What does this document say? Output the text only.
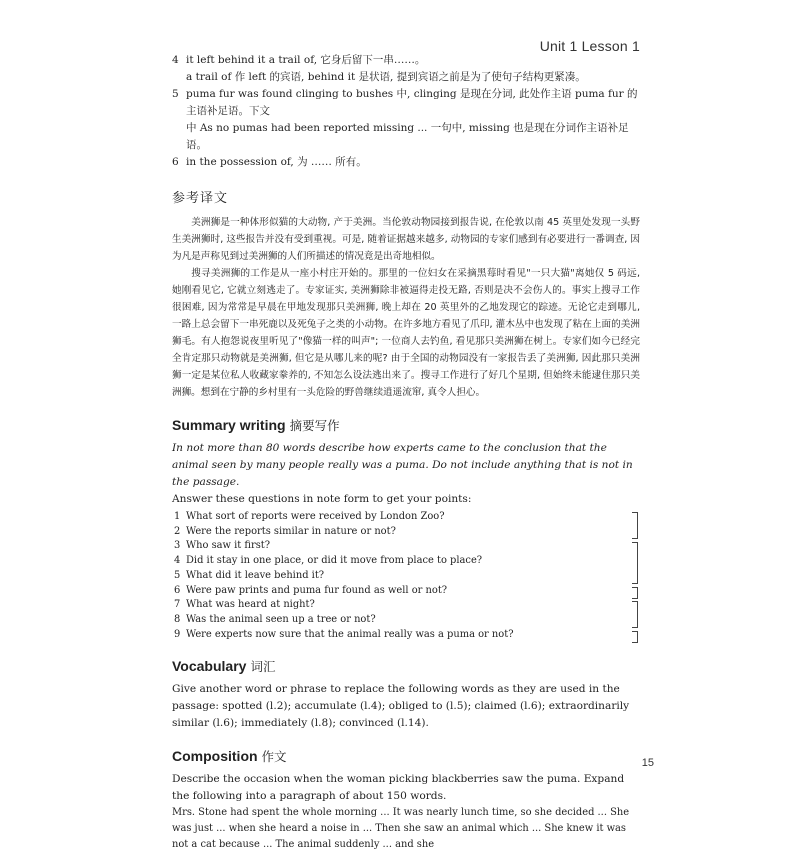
Unit 1 Lesson 1
4 it left behind it a trail of, 它身后留下一串……。
a trail of 作 left 的宾语, behind it 是状语, 提到宾语之前是为了使句子结构更紧凑。
5 puma fur was found clinging to bushes 中, clinging 是现在分词, 此处作主语 puma fur 的主语补足语。下文
中 As no pumas had been reported missing ... 一句中, missing 也是现在分词作主语补足语。
6 in the possession of, 为 …… 所有。
参考译文

美洲狮是一种体形似猫的大动物, 产于美洲。当伦敦动物园接到报告说, 在伦敦以南 45 英里处发现一头野生美洲狮时, 这些报告并没有受到重视。可是, 随着证据越来越多, 动物园的专家们感到有必要进行一番调查, 因为凡是声称见到过美洲狮的人们所描述的情况竟是出奇地相似。

搜寻美洲狮的工作是从一座小村庄开始的。那里的一位妇女在采摘黑莓时看见"一只大猫"离她仅 5 码远, 她刚看见它, 它就立刻逃走了。专家证实, 美洲狮除非被逼得走投无路, 否则是决不会伤人的。事实上搜寻工作很困难, 因为常常是早晨在甲地发现那只美洲狮, 晚上却在 20 英里外的乙地发现它的踪迹。无论它走到哪儿, 一路上总会留下一串死鹿以及死兔子之类的小动物。在许多地方看见了爪印, 灌木丛中也发现了粘在上面的美洲狮毛。有人抱怨说夜里听见了"像猫一样的叫声"; 一位商人去钓鱼, 看见那只美洲狮在树上。专家们如今已经完全肯定那只动物就是美洲狮, 但它是从哪儿来的呢? 由于全国的动物园没有一家报告丢了美洲狮, 因此那只美洲狮一定是某位私人收藏家豢养的, 不知怎么设法逃出来了。搜寻工作进行了好几个星期, 但始终未能逮住那只美洲狮。想到在宁静的乡村里有一头危险的野兽继续逍遥流窜, 真令人担心。

Summary writing 摘要写作
In not more than 80 words describe how experts came to the conclusion that the animal seen by many people really was a puma. Do not include anything that is not in the passage.
Answer these questions in note form to get your points:
1 What sort of reports were received by London Zoo?
2 Were the reports similar in nature or not?
3 Who saw it first?
4 Did it stay in one place, or did it move from place to place?
5 What did it leave behind it?
6 Were paw prints and puma fur found as well or not?
7 What was heard at night?
8 Was the animal seen up a tree or not?
9 Were experts now sure that the animal really was a puma or not?
Vocabulary 词汇
Give another word or phrase to replace the following words as they are used in the passage: spotted (l.2); accumulate (l.4); obliged to (l.5); claimed (l.6); extraordinarily similar (l.6); immediately (l.8); convinced (l.14).
Composition 作文
Describe the occasion when the woman picking blackberries saw the puma. Expand the following into a paragraph of about 150 words.
Mrs. Stone had spent the whole morning ... It was nearly lunch time, so she decided ... She was just ... when she heard a noise in ... Then she saw an animal which ... She knew it was not a cat because ... The animal suddenly ... and she
15
